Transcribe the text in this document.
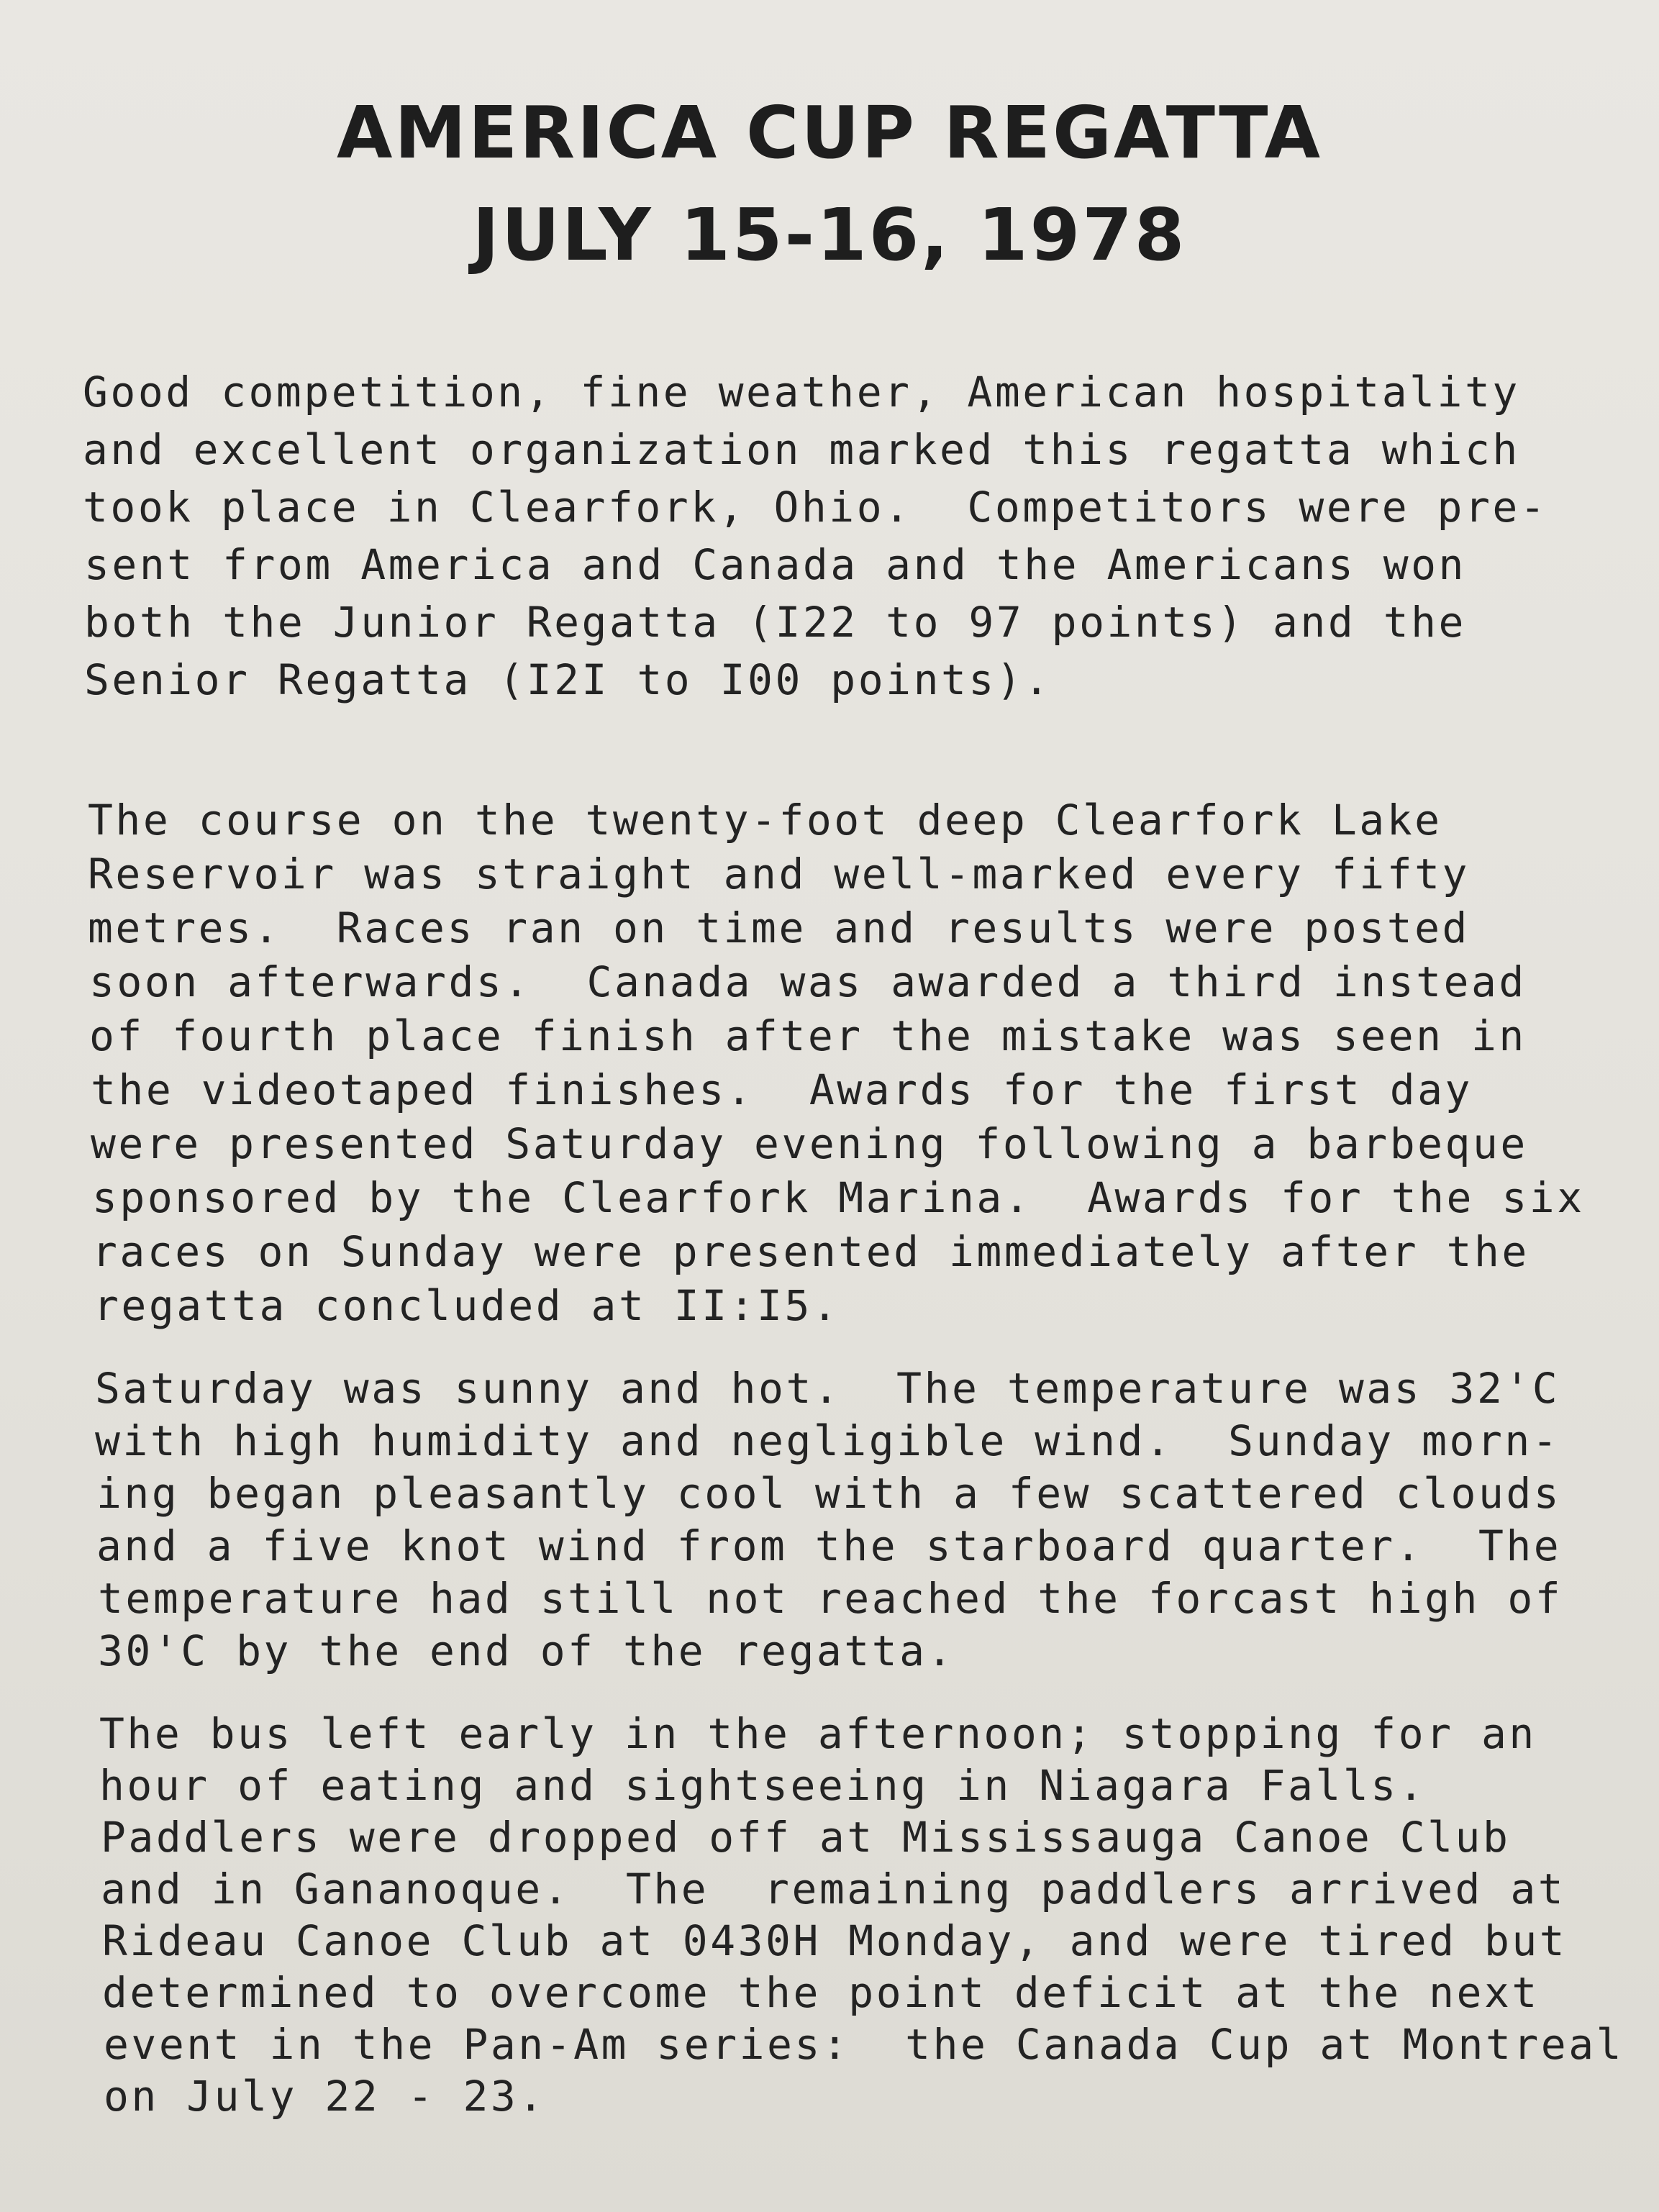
AMERICA CUP REGATTA
JULY 15-16, 1978

Good competition, fine weather, American hospitality

and excellent organization marked this regatta which

took place in Clearfork, Ohio.  Competitors were pre-

sent from America and Canada and the Americans won

both the Junior Regatta (I22 to 97 points) and the

Senior Regatta (I2I to I00 points).

The course on the twenty-foot deep Clearfork Lake

Reservoir was straight and well-marked every fifty

metres.  Races ran on time and results were posted

soon afterwards.  Canada was awarded a third instead

of fourth place finish after the mistake was seen in

the videotaped finishes.  Awards for the first day

were presented Saturday evening following a barbeque

sponsored by the Clearfork Marina.  Awards for the six

races on Sunday were presented immediately after the

regatta concluded at II:I5.

Saturday was sunny and hot.  The temperature was 32'C

with high humidity and negligible wind.  Sunday morn-

ing began pleasantly cool with a few scattered clouds

and a five knot wind from the starboard quarter.  The

temperature had still not reached the forcast high of

30'C by the end of the regatta.

The bus left early in the afternoon; stopping for an

hour of eating and sightseeing in Niagara Falls.

Paddlers were dropped off at Mississauga Canoe Club

and in Gananoque.  The  remaining paddlers arrived at

Rideau Canoe Club at 0430H Monday, and were tired but

determined to overcome the point deficit at the next

event in the Pan-Am series:  the Canada Cup at Montreal

on July 22 - 23.
